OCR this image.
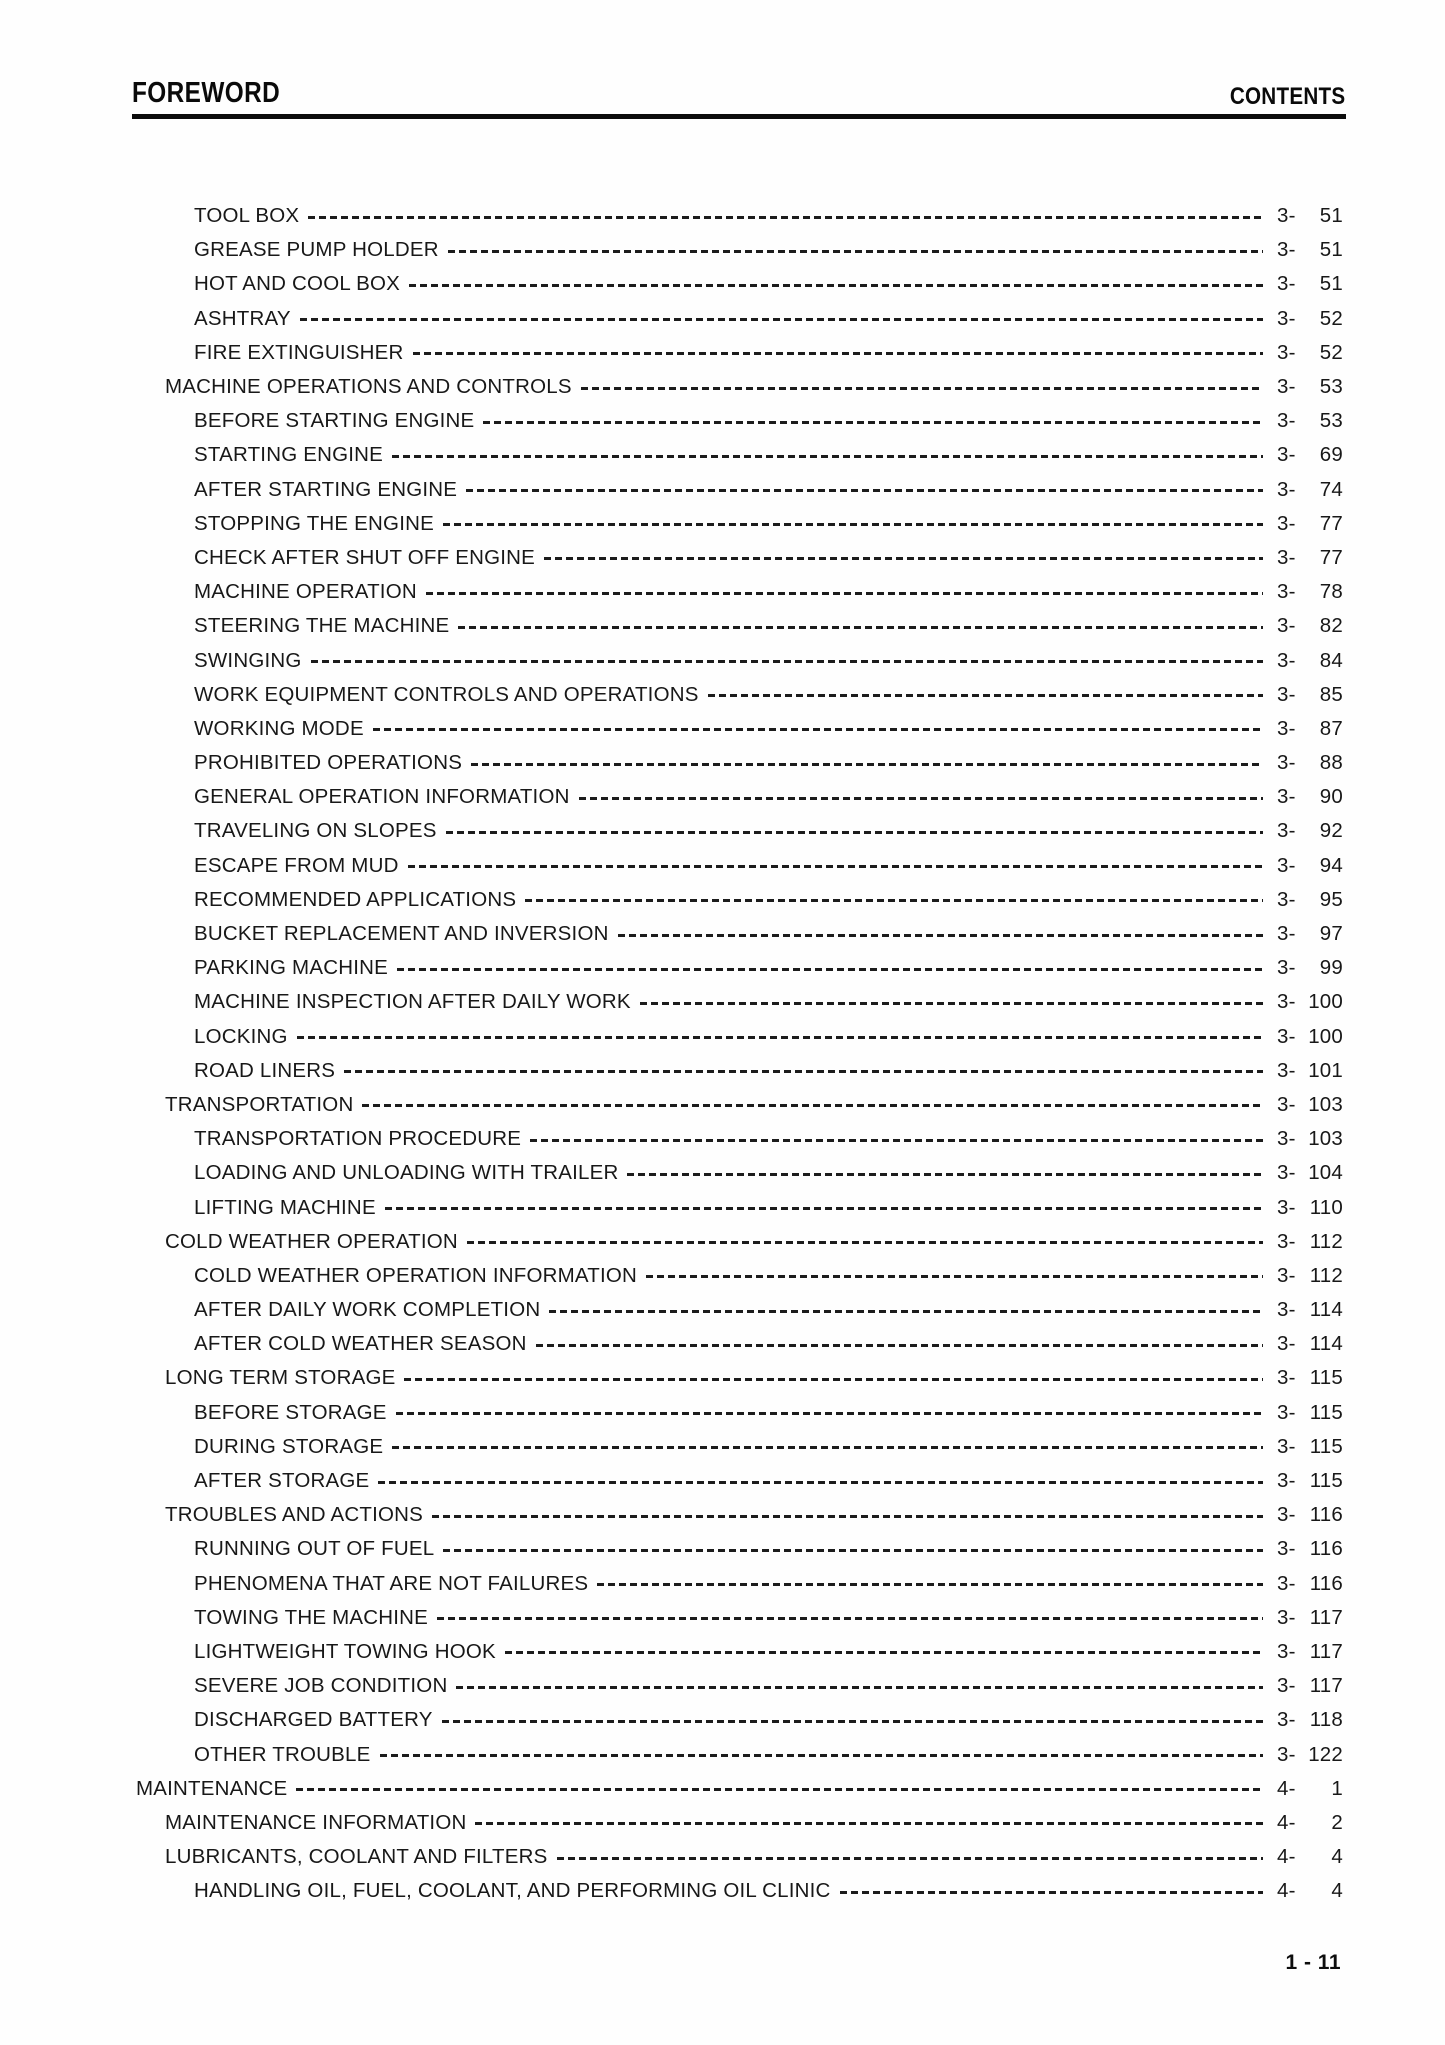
FOREWORD	CONTENTS
TOOL BOX	3- 51
GREASE PUMP HOLDER	3- 51
HOT AND COOL BOX	3- 51
ASHTRAY	3- 52
FIRE EXTINGUISHER	3- 52
MACHINE OPERATIONS AND CONTROLS	3- 53
BEFORE STARTING ENGINE	3- 53
STARTING ENGINE	3- 69
AFTER STARTING ENGINE	3- 74
STOPPING THE ENGINE	3- 77
CHECK AFTER SHUT OFF ENGINE	3- 77
MACHINE OPERATION	3- 78
STEERING THE MACHINE	3- 82
SWINGING	3- 84
WORK EQUIPMENT CONTROLS AND OPERATIONS	3- 85
WORKING MODE	3- 87
PROHIBITED OPERATIONS	3- 88
GENERAL OPERATION INFORMATION	3- 90
TRAVELING ON SLOPES	3- 92
ESCAPE FROM MUD	3- 94
RECOMMENDED APPLICATIONS	3- 95
BUCKET REPLACEMENT AND INVERSION	3- 97
PARKING MACHINE	3- 99
MACHINE INSPECTION AFTER DAILY WORK	3- 100
LOCKING	3- 100
ROAD LINERS	3- 101
TRANSPORTATION	3- 103
TRANSPORTATION PROCEDURE	3- 103
LOADING AND UNLOADING WITH TRAILER	3- 104
LIFTING MACHINE	3- 110
COLD WEATHER OPERATION	3- 112
COLD WEATHER OPERATION INFORMATION	3- 112
AFTER DAILY WORK COMPLETION	3- 114
AFTER COLD WEATHER SEASON	3- 114
LONG TERM STORAGE	3- 115
BEFORE STORAGE	3- 115
DURING STORAGE	3- 115
AFTER STORAGE	3- 115
TROUBLES AND ACTIONS	3- 116
RUNNING OUT OF FUEL	3- 116
PHENOMENA THAT ARE NOT FAILURES	3- 116
TOWING THE MACHINE	3- 117
LIGHTWEIGHT TOWING HOOK	3- 117
SEVERE JOB CONDITION	3- 117
DISCHARGED BATTERY	3- 118
OTHER TROUBLE	3- 122
MAINTENANCE	4- 1
MAINTENANCE INFORMATION	4- 2
LUBRICANTS, COOLANT AND FILTERS	4- 4
HANDLING OIL, FUEL, COOLANT, AND PERFORMING OIL CLINIC	4- 4
1 - 11
